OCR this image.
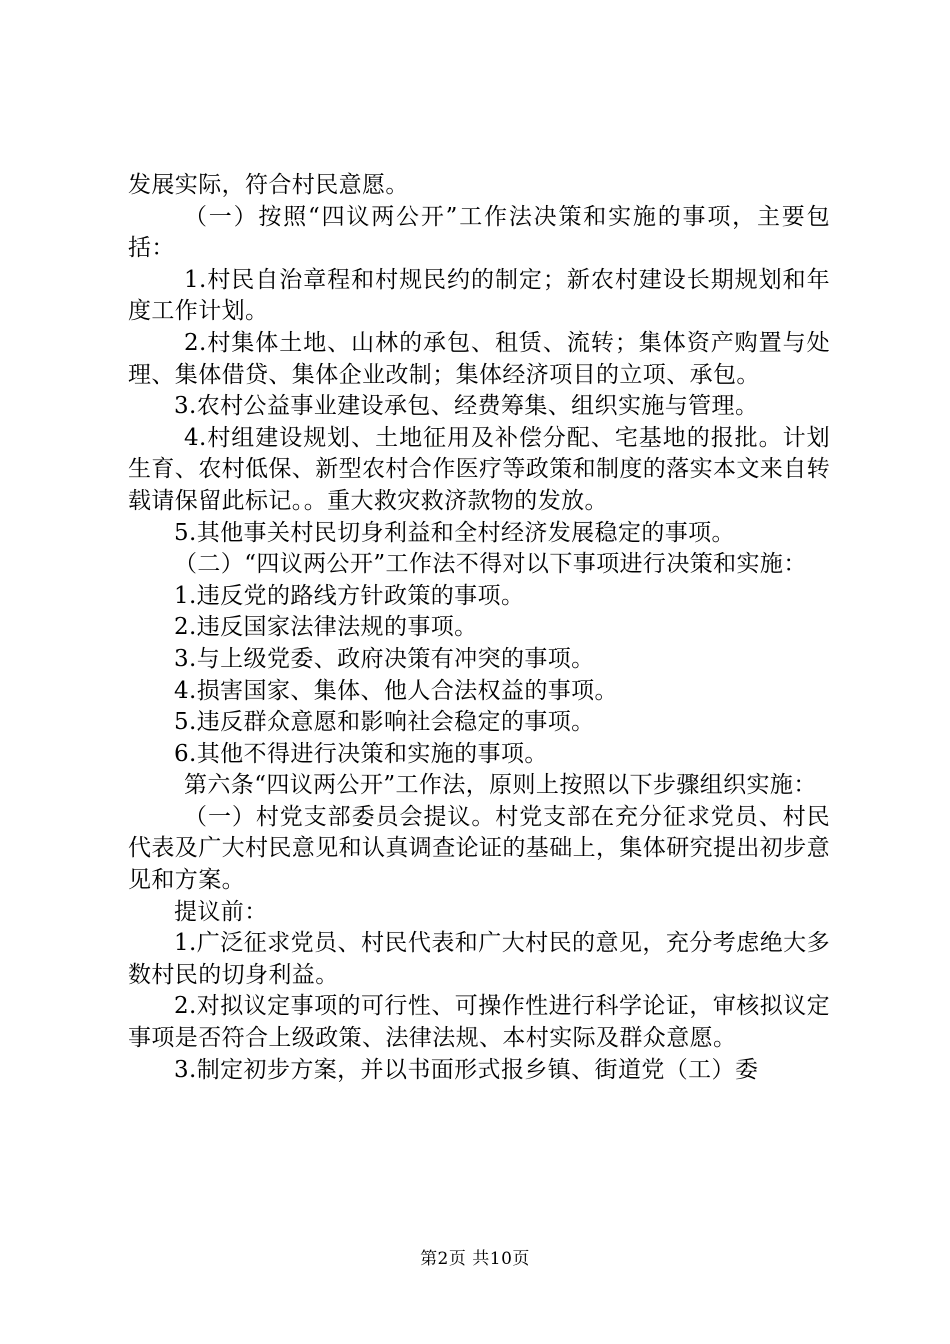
发展实际，符合村民意愿。

（一）按照“四议两公开”工作法决策和实施的事项，主要包括：

1.村民自治章程和村规民约的制定；新农村建设长期规划和年度工作计划。

2.村集体土地、山林的承包、租赁、流转；集体资产购置与处理、集体借贷、集体企业改制；集体经济项目的立项、承包。

3.农村公益事业建设承包、经费筹集、组织实施与管理。

4.村组建设规划、土地征用及补偿分配、宅基地的报批。计划生育、农村低保、新型农村合作医疗等政策和制度的落实本文来自转载请保留此标记。。重大救灾救济款物的发放。

5.其他事关村民切身利益和全村经济发展稳定的事项。

（二）“四议两公开”工作法不得对以下事项进行决策和实施：

1.违反党的路线方针政策的事项。

2.违反国家法律法规的事项。

3.与上级党委、政府决策有冲突的事项。

4.损害国家、集体、他人合法权益的事项。

5.违反群众意愿和影响社会稳定的事项。

6.其他不得进行决策和实施的事项。

第六条“四议两公开”工作法，原则上按照以下步骤组织实施：

（一）村党支部委员会提议。村党支部在充分征求党员、村民代表及广大村民意见和认真调查论证的基础上，集体研究提出初步意见和方案。

提议前：

1.广泛征求党员、村民代表和广大村民的意见，充分考虑绝大多数村民的切身利益。

2.对拟议定事项的可行性、可操作性进行科学论证，审核拟议定事项是否符合上级政策、法律法规、本村实际及群众意愿。

3.制定初步方案，并以书面形式报乡镇、街道党（工）委

第2页 共10页
